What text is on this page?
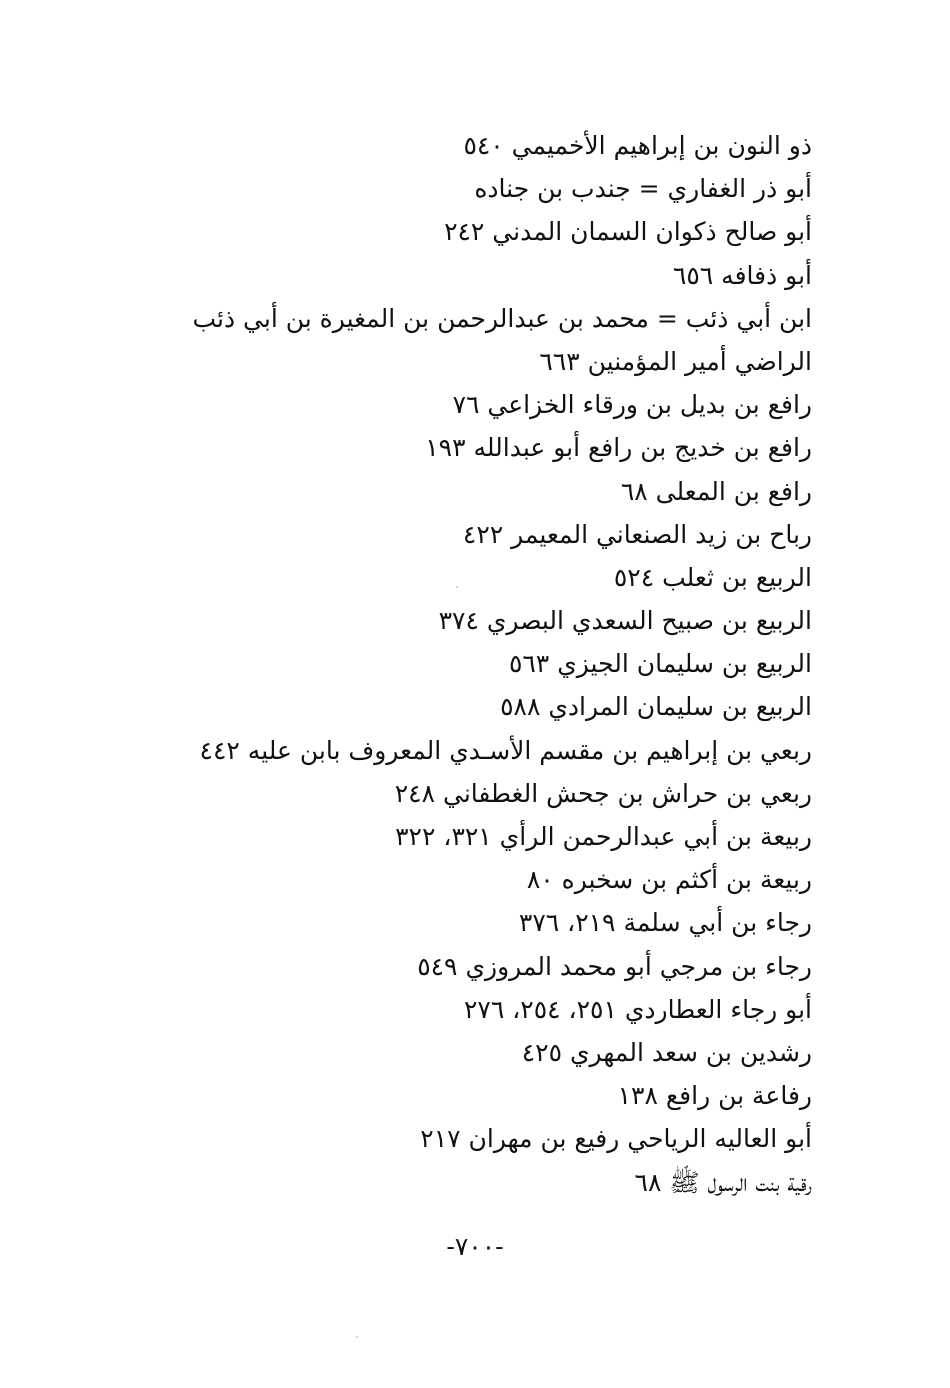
ذو النون بن إبراهيم الأخميمي ٥٤٠
أبو ذر الغفاري = جندب بن جناده
أبو صالح ذكوان السمان المدني ٢٤٢
أبو ذفافه ٦٥٦
ابن أبي ذئب = محمد بن عبدالرحمن بن المغيرة بن أبي ذئب
الراضي أمير المؤمنين ٦٦٣
رافع بن بديل بن ورقاء الخزاعي ٧٦
رافع بن خديج بن رافع أبو عبدالله ١٩٣
رافع بن المعلى ٦٨
رباح بن زيد الصنعاني المعيمر ٤٢٢
الربيع بن ثعلب ٥٢٤
الربيع بن صبيح السعدي البصري ٣٧٤
الربيع بن سليمان الجيزي ٥٦٣
الربيع بن سليمان المرادي ٥٨٨
ربعي بن إبراهيم بن مقسم الأسـدي المعروف بابن عليه ٤٤٢
ربعي بن حراش بن جحش الغطفاني ٢٤٨
ربيعة بن أبي عبدالرحمن الرأي ٣٢١، ٣٢٢
ربيعة بن أكثم بن سخبره ٨٠
رجاء بن أبي سلمة ٢١٩، ٣٧٦
رجاء بن مرجي أبو محمد المروزي ٥٤٩
أبو رجاء العطاردي ٢٥١، ٢٥٤، ٢٧٦
رشدين بن سعد المهري ٤٢٥
رفاعة بن رافع ١٣٨
أبو العاليه الرياحي رفيع بن مهران ٢١٧
رقية بنت الرسول ﷺ ٦٨
-٧٠٠-
